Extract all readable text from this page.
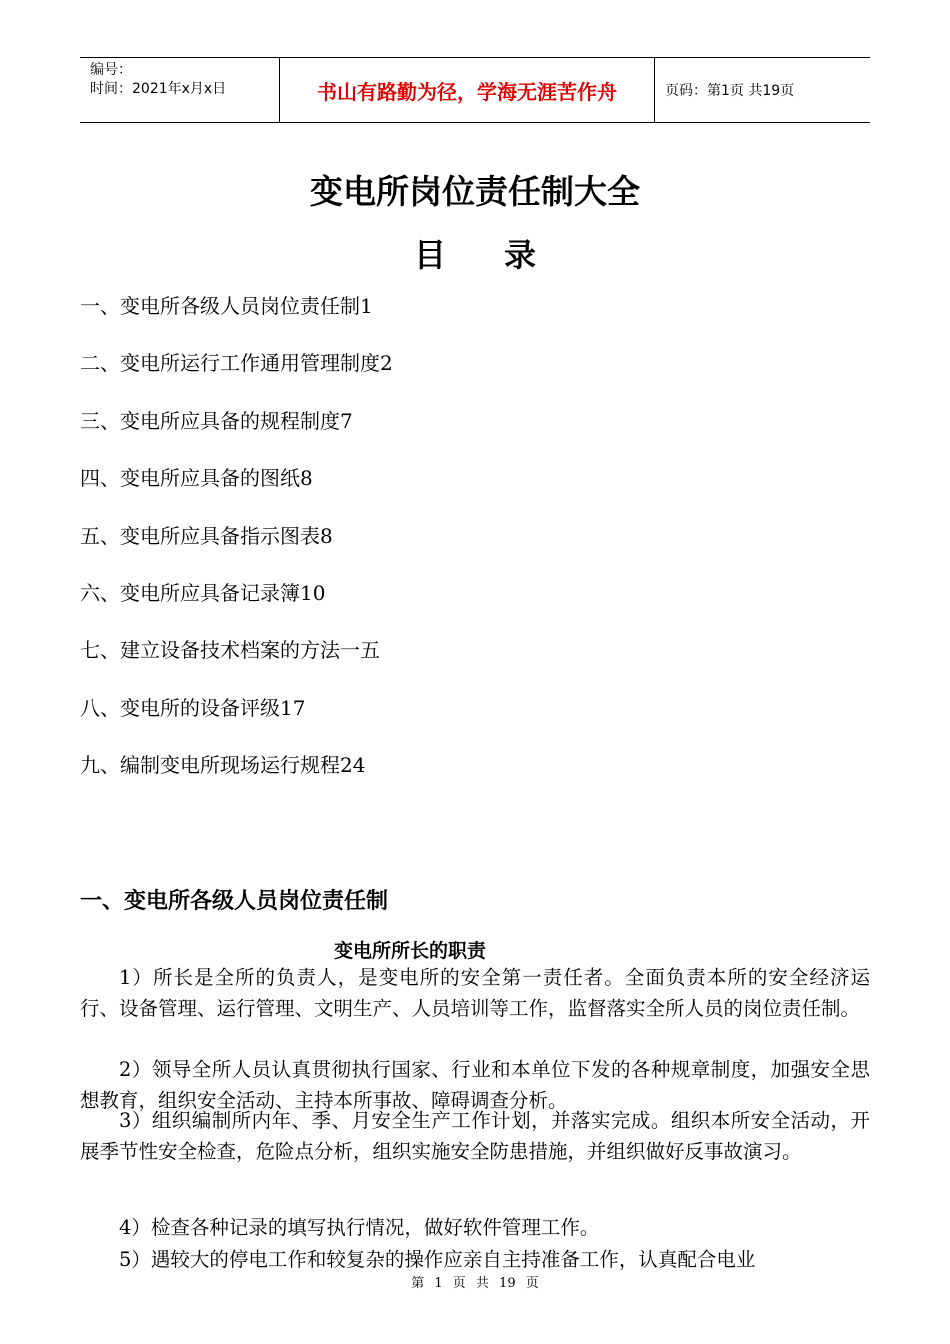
编号：
时间：2021年x月x日	书山有路勤为径，学海无涯苦作舟	页码：第1页 共19页
变电所岗位责任制大全
目录
一、变电所各级人员岗位责任制1
二、变电所运行工作通用管理制度2
三、变电所应具备的规程制度7
四、变电所应具备的图纸8
五、变电所应具备指示图表8
六、变电所应具备记录簿10
七、建立设备技术档案的方法一五
八、变电所的设备评级17
九、编制变电所现场运行规程24
一、变电所各级人员岗位责任制
变电所所长的职责

1）所长是全所的负责人，是变电所的安全第一责任者。全面负责本所的安全经济运行、设备管理、运行管理、文明生产、人员培训等工作，监督落实全所人员的岗位责任制。

2）领导全所人员认真贯彻执行国家、行业和本单位下发的各种规章制度，加强安全思想教育，组织安全活动、主持本所事故、障碍调查分析。

3）组织编制所内年、季、月安全生产工作计划，并落实完成。组织本所安全活动，开展季节性安全检查，危险点分析，组织实施安全防患措施，并组织做好反事故演习。

4）检查各种记录的填写执行情况，做好软件管理工作。

5）遇较大的停电工作和较复杂的操作应亲自主持准备工作，认真配合电业

第 1 页 共 19 页
